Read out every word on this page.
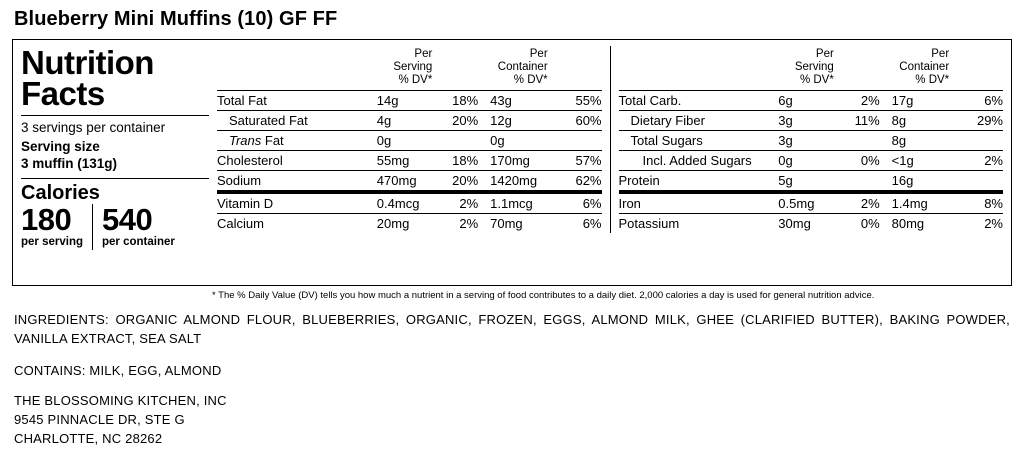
Blueberry Mini Muffins (10) GF FF
Nutrition
Facts
3 servings per container
Serving size
3 muffin (131g)
Calories
180
per serving
540
per container
	Per Serving
% DV*		Per Container
% DV*	
Total Fat	14g	18%	43g	55%
Saturated Fat	4g	20%	12g	60%
Trans Fat	0g		0g	
Cholesterol	55mg	18%	170mg	57%
Sodium	470mg	20%	1420mg	62%
Vitamin D	0.4mcg	2%	1.1mcg	6%
Calcium	20mg	2%	70mg	6%
	Per Serving
% DV*		Per Container
% DV*	
Total Carb.	6g	2%	17g	6%
Dietary Fiber	3g	11%	8g	29%
Total Sugars	3g		8g	
Incl. Added Sugars	0g	0%	<1g	2%
Protein	5g		16g	
Iron	0.5mg	2%	1.4mg	8%
Potassium	30mg	0%	80mg	2%
* The % Daily Value (DV) tells you how much a nutrient in a serving of food contributes to a daily diet. 2,000 calories a day is used for general nutrition advice.
INGREDIENTS: ORGANIC ALMOND FLOUR, BLUEBERRIES, ORGANIC, FROZEN, EGGS, ALMOND MILK, GHEE (CLARIFIED BUTTER), BAKING POWDER, VANILLA EXTRACT, SEA SALT
CONTAINS: MILK, EGG, ALMOND
THE BLOSSOMING KITCHEN, INC
9545 PINNACLE DR, STE G
CHARLOTTE, NC 28262
